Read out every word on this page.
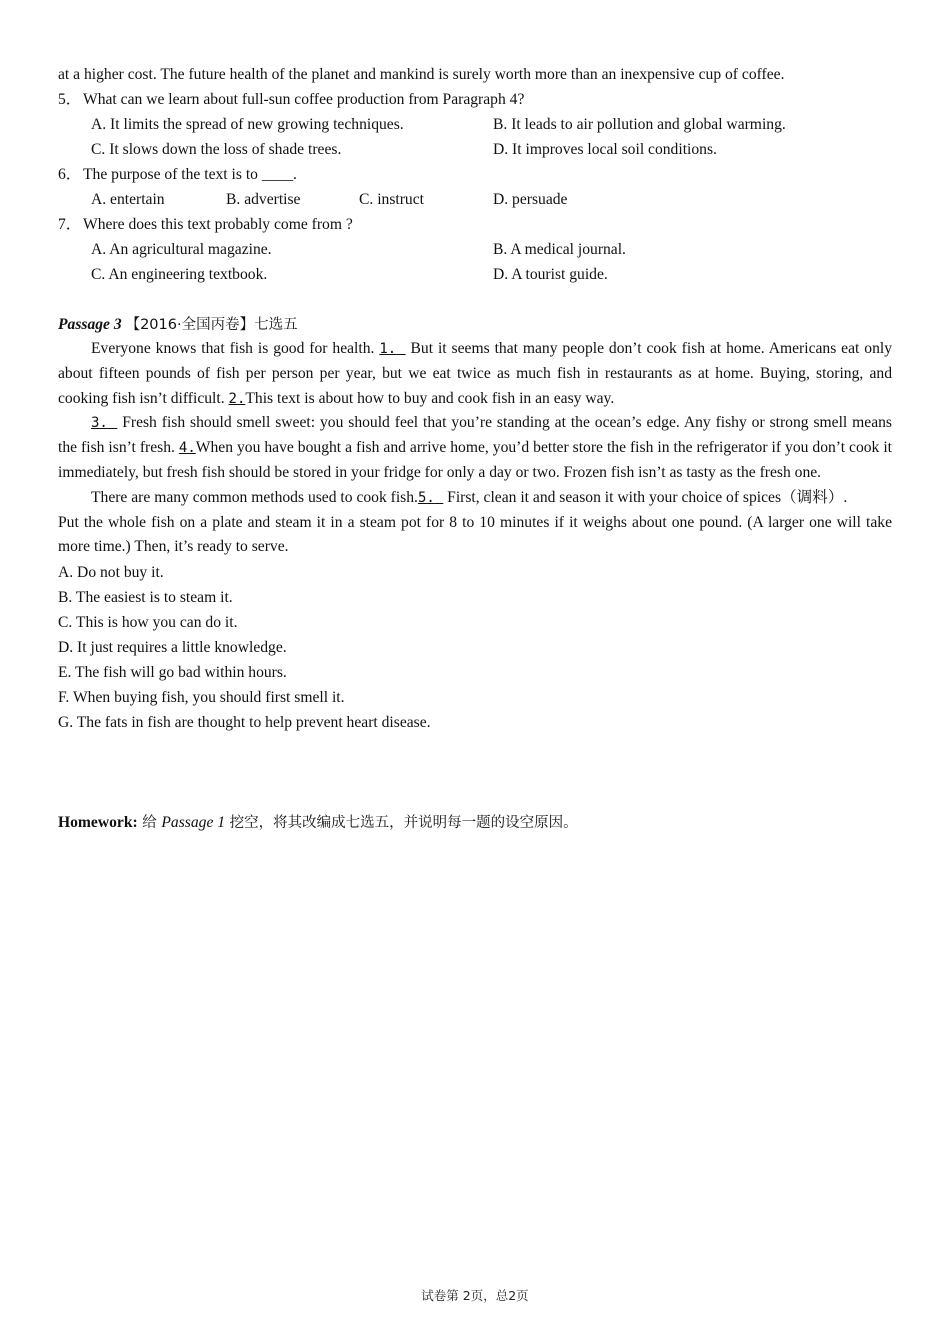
at a higher cost. The future health of the planet and mankind is surely worth more than an inexpensive cup of coffee.
5． What can we learn about full-sun coffee production from Paragraph 4?
A. It limits the spread of new growing techniques.	B. It leads to air pollution and global warming.
C. It slows down the loss of shade trees.	D. It improves local soil conditions.
6． The purpose of the text is to ____.
A. entertain	B. advertise	C. instruct	D. persuade
7． Where does this text probably come from ?
A. An agricultural magazine.	B. A medical journal.
C. An engineering textbook.	D. A tourist guide.
Passage 3 【2016·全国丙卷】七选五

Everyone knows that fish is good for health. 1.  But it seems that many people don’t cook fish at home. Americans eat only about fifteen pounds of fish per person per year, but we eat twice as much fish in restaurants as at home. Buying, storing, and cooking fish isn’t difficult. 2.This text is about how to buy and cook fish in an easy way.

3.  Fresh fish should smell sweet: you should feel that you’re standing at the ocean’s edge. Any fishy or strong smell means the fish isn’t fresh. 4.When you have bought a fish and arrive home, you’d better store the fish in the refrigerator if you don’t cook it immediately, but fresh fish should be stored in your fridge for only a day or two. Frozen fish isn’t as tasty as the fresh one.

There are many common methods used to cook fish.5.  First, clean it and season it with your choice of spices（调料）.

Put the whole fish on a plate and steam it in a steam pot for 8 to 10 minutes if it weighs about one pound. (A larger one will take more time.) Then, it’s ready to serve.

A. Do not buy it.
B. The easiest is to steam it.
C. This is how you can do it.
D. It just requires a little knowledge.
E. The fish will go bad within hours.
F. When buying fish, you should first smell it.
G. The fats in fish are thought to help prevent heart disease.
Homework: 给 Passage 1 挖空，将其改编成七选五，并说明每一题的设空原因。
试卷第 2页，总2页
